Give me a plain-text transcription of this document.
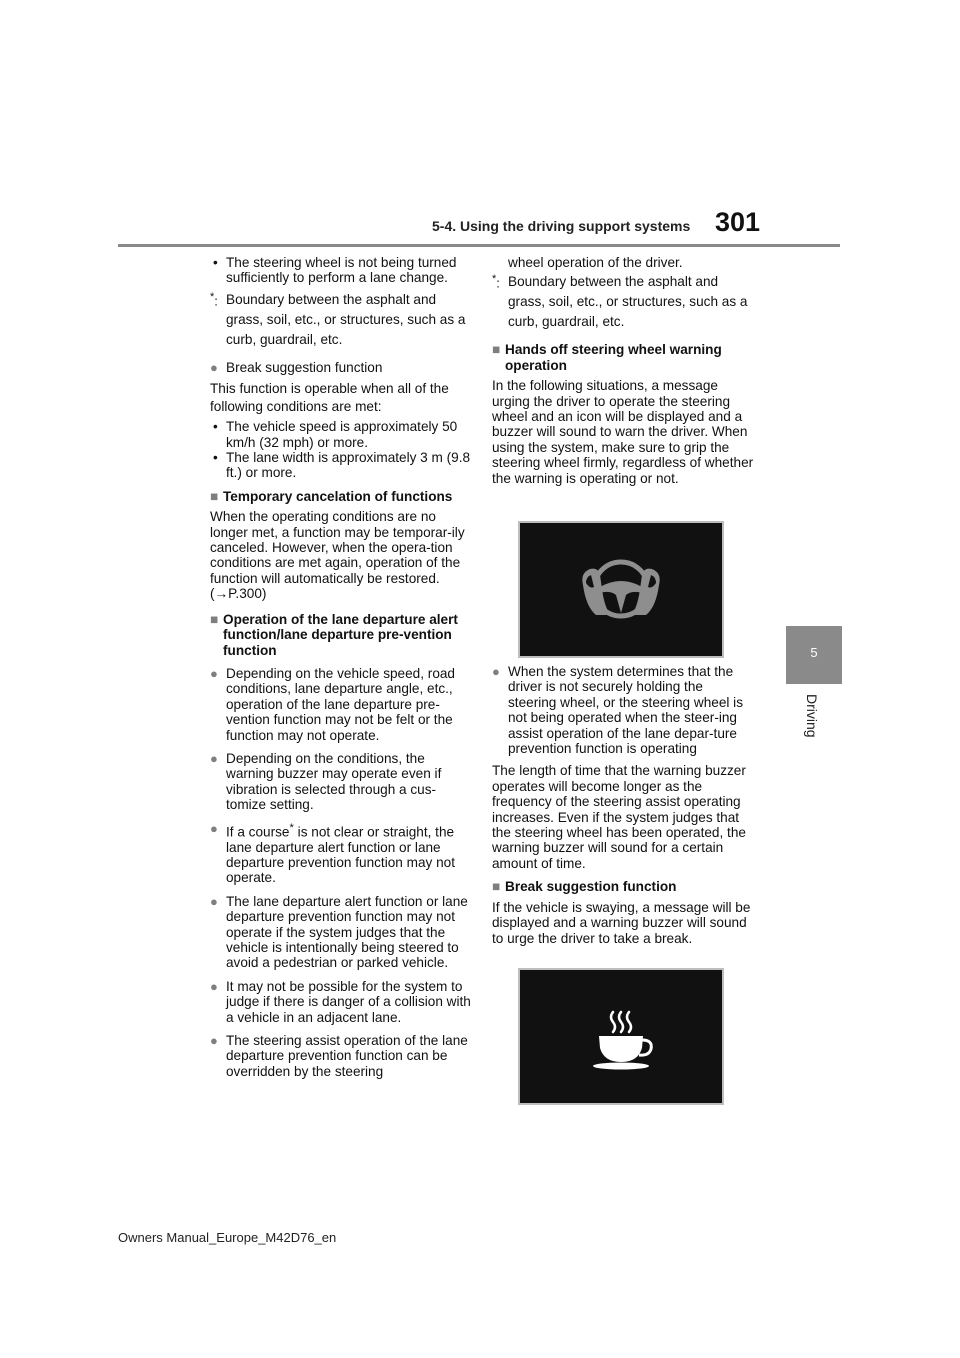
5-4. Using the driving support systems 301
5
Driving

• The steering wheel is not being turned sufficiently to perform a lane change.

*: Boundary between the asphalt and grass, soil, etc., or structures, such as a curb, guardrail, etc.

● Break suggestion function

This function is operable when all of the following conditions are met:

• The vehicle speed is approximately 50 km/h (32 mph) or more.

• The lane width is approximately 3 m (9.8 ft.) or more.

■ Temporary cancelation of functions

When the operating conditions are no longer met, a function may be temporar-ily canceled. However, when the opera-tion conditions are met again, operation of the function will automatically be restored. (→P.300)

■ Operation of the lane departure alert function/lane departure pre-vention function

● Depending on the vehicle speed, road conditions, lane departure angle, etc., operation of the lane departure pre-vention function may not be felt or the function may not operate.

● Depending on the conditions, the warning buzzer may operate even if vibration is selected through a cus-tomize setting.

● If a course* is not clear or straight, the lane departure alert function or lane departure prevention function may not operate.

● The lane departure alert function or lane departure prevention function may not operate if the system judges that the vehicle is intentionally being steered to avoid a pedestrian or parked vehicle.

● It may not be possible for the system to judge if there is danger of a collision with a vehicle in an adjacent lane.

● The steering assist operation of the lane departure prevention function can be overridden by the steering

wheel operation of the driver.

*: Boundary between the asphalt and grass, soil, etc., or structures, such as a curb, guardrail, etc.

■ Hands off steering wheel warning operation

In the following situations, a message urging the driver to operate the steering wheel and an icon will be displayed and a buzzer will sound to warn the driver. When using the system, make sure to grip the steering wheel firmly, regardless of whether the warning is operating or not.

● When the system determines that the driver is not securely holding the steering wheel, or the steering wheel is not being operated when the steer-ing assist operation of the lane depar-ture prevention function is operating

The length of time that the warning buzzer operates will become longer as the frequency of the steering assist operating increases. Even if the system judges that the steering wheel has been operated, the warning buzzer will sound for a certain amount of time.

■ Break suggestion function

If the vehicle is swaying, a message will be displayed and a warning buzzer will sound to urge the driver to take a break.

Owners Manual_Europe_M42D76_en
